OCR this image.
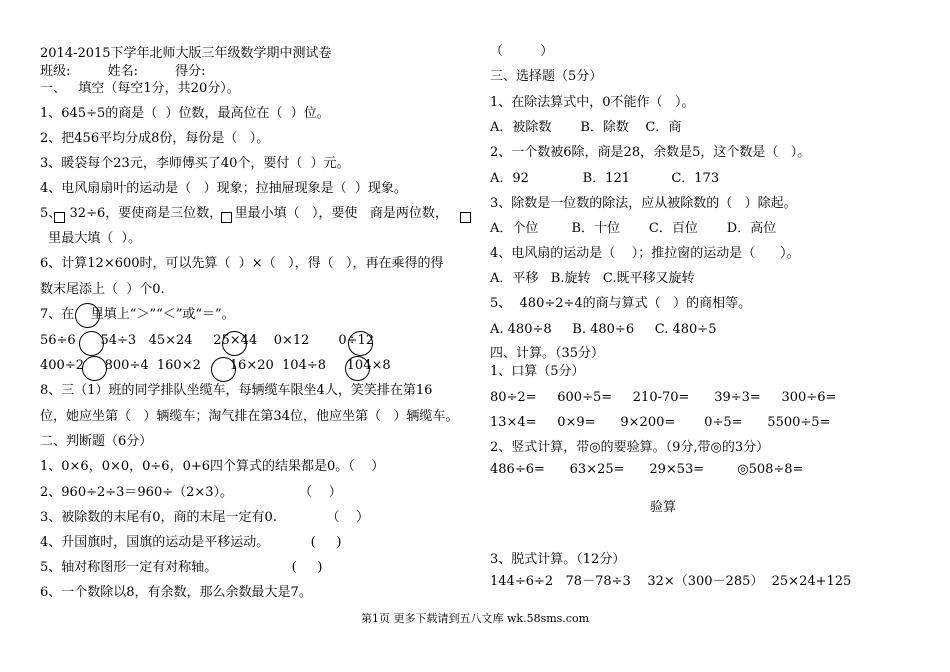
2014-2015下学年北师大版三年级数学期中测试卷
班级:         姓名:         得分:
一、   填空（每空1分，共20分）。
1、645÷5的商是（  ）位数，最高位在（  ）位。
2、把456平均分成8份，每份是（   ）。
3、暖袋每个23元，李师傅买了40个，要付（  ）元。
4、电风扇扇叶的运动是（   ）现象；拉抽屉现象是（  ）现象。
5、  32÷6，要使商是三位数，   里最小填（   ），要使   商是两位数，
里最大填（  ）。
6、计算12×600时，可以先算（  ）×（   ），得（   ），再在乘得的得
数末尾添上（  ）个0.
7、在    里填上“＞”“＜”或“＝”。
56÷6      54÷3   45×24     25×44    0×12       0÷12
400÷2     800÷4  160×2       16×20  104÷8     104×8
8、三（1）班的同学排队坐缆车，每辆缆车限坐4人，笑笑排在第16
位，她应坐第（   ）辆缆车；淘气排在第34位，他应坐第（   ）辆缆车。
二、判断题（6分）
1、0×6，0×0，0÷6，0+6四个算式的结果都是0。（    ）
2、960÷2÷3＝960÷（2×3）。                （    ）
3、被除数的末尾有0，商的末尾一定有0.            （    ）
4、升国旗时，国旗的运动是平移运动。          (     )
5、轴对称图形一定有对称轴。                  (     )
6、一个数除以8，有余数，那么余数最大是7。
（         ）
三、选择题（5分）
1、在除法算式中，0不能作（   ）。
A．被除数       B．除数    C．商
2、一个数被6除，商是28，余数是5，这个数是（   ）。
A．92             B．121          C．173
3、除数是一位数的除法，应从被除数的（   ）除起。
A．个位        B．十位       C．百位       D．高位
4、电风扇的运动是（    ）；推拉窗的运动是（      ）。
A．平移   B.旋转   C.既平移又旋转
5、  480÷2÷4的商与算式（   ）的商相等。
A. 480÷8     B. 480÷6     C. 480÷5
四、计算。（35分）
1、口算（5分）
80÷2=     600÷5=     210-70=      39÷3=     300÷6=
13×4=     0×9=      9×200=       0÷5=      5500÷5=
2、竖式计算，带◎的要验算。（9分,带◎的3分）
486÷6=      63×25=      29×53=        ◎508÷8=
验算
3、脱式计算。（12分）
144÷6÷2   78－78÷3    32×（300－285）  25×24+125
第1页 更多下载请到五八文库 wk.58sms.com
